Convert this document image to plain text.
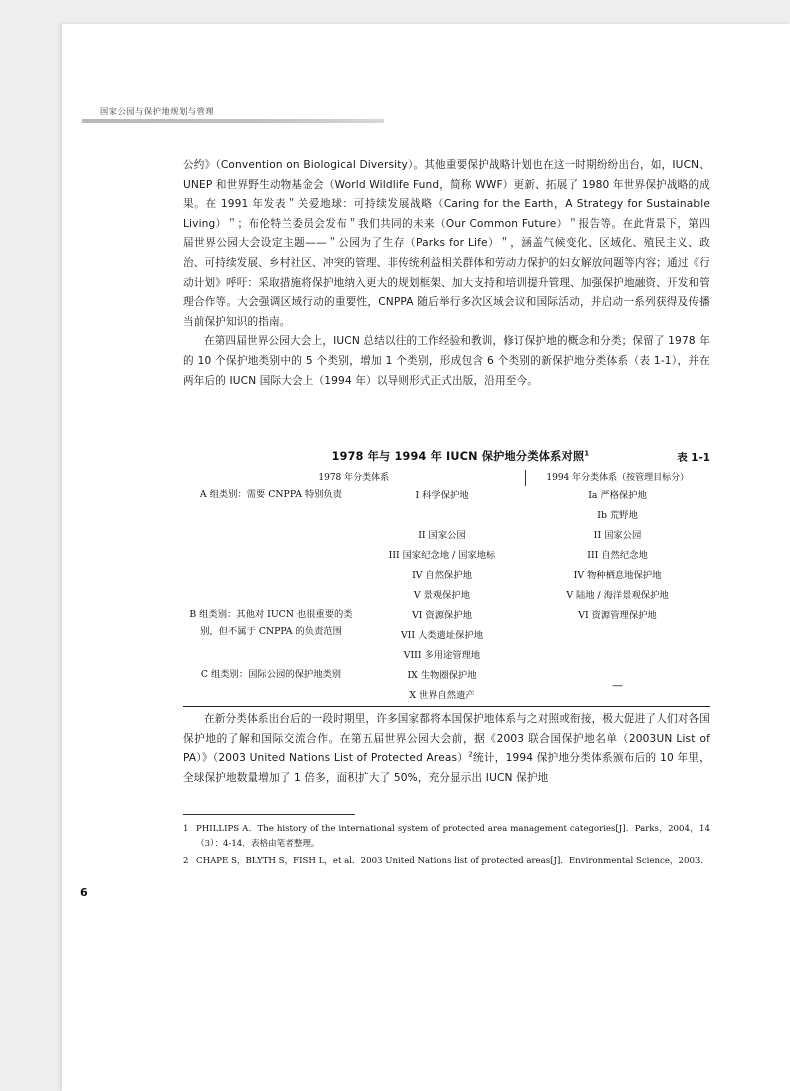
国家公园与保护地规划与管理

公约》（Convention on Biological Diversity）。其他重要保护战略计划也在这一时期纷纷出台，如，IUCN、UNEP 和世界野生动物基金会（World Wildlife Fund，简称 WWF）更新、拓展了 1980 年世界保护战略的成果。在 1991 年发表＂关爱地球：可持续发展战略（Caring for the Earth，A Strategy for Sustainable Living）＂；布伦特兰委员会发布＂我们共同的未来（Our Common Future）＂报告等。在此背景下，第四届世界公园大会设定主题——＂公园为了生存（Parks for Life）＂，涵盖气候变化、区域化、殖民主义、政治、可持续发展、乡村社区、冲突的管理、非传统利益相关群体和劳动力保护的妇女解放问题等内容；通过《行动计划》呼吁：采取措施将保护地纳入更大的规划框架、加大支持和培训提升管理、加强保护地融资、开发和管理合作等。大会强调区域行动的重要性，CNPPA 随后举行多次区域会议和国际活动，并启动一系列获得及传播当前保护知识的指南。

在第四届世界公园大会上，IUCN 总结以往的工作经验和教训，修订保护地的概念和分类；保留了 1978 年的 10 个保护地类别中的 5 个类别，增加 1 个类别，形成包含 6 个类别的新保护地分类体系（表 1-1），并在两年后的 IUCN 国际大会上（1994 年）以导则形式正式出版，沿用至今。

1978 年与 1994 年 IUCN 保护地分类体系对照$^1$	表 1-1
1978 年分类体系		1994 年分类体系（按管理目标分）
A 组类别：需要 CNPPA 特别负责	I 科学保护地	Ia 严格保护地
		Ib 荒野地
	II 国家公园	II 国家公园
	III 国家纪念地 / 国家地标	III 自然纪念地
	IV 自然保护地	IV 物种栖息地保护地
	V 景观保护地	V 陆地 / 海洋景观保护地
B 组类别：其他对 IUCN 也很重要的类别，但不属于 CNPPA 的负责范围	VI 资源保护地	VI 资源管理保护地
	VII 人类遗址保护地	
	VIII 多用途管理地	
C 组类别：国际公园的保护地类别	IX 生物圈保护地	—
	X 世界自然遗产	

在新分类体系出台后的一段时期里，许多国家都将本国保护地体系与之对照或衔接，极大促进了人们对各国保护地的了解和国际交流合作。在第五届世界公园大会前，据《2003 联合国保护地名单（2003UN List of PA）》（2003 United Nations List of Protected Areas）$^2$统计，1994 保护地分类体系颁布后的 10 年里，全球保护地数量增加了 1 倍多，面积扩大了 50%，充分显示出 IUCN 保护地

1 PHILLIPS A．The history of the international system of protected area management categories[J]．Parks，2004，14（3）：4-14．表格由笔者整理。
2 CHAPE S，BLYTH S，FISH L，et al．2003 United Nations list of protected areas[J]．Environmental Science，2003．
6
